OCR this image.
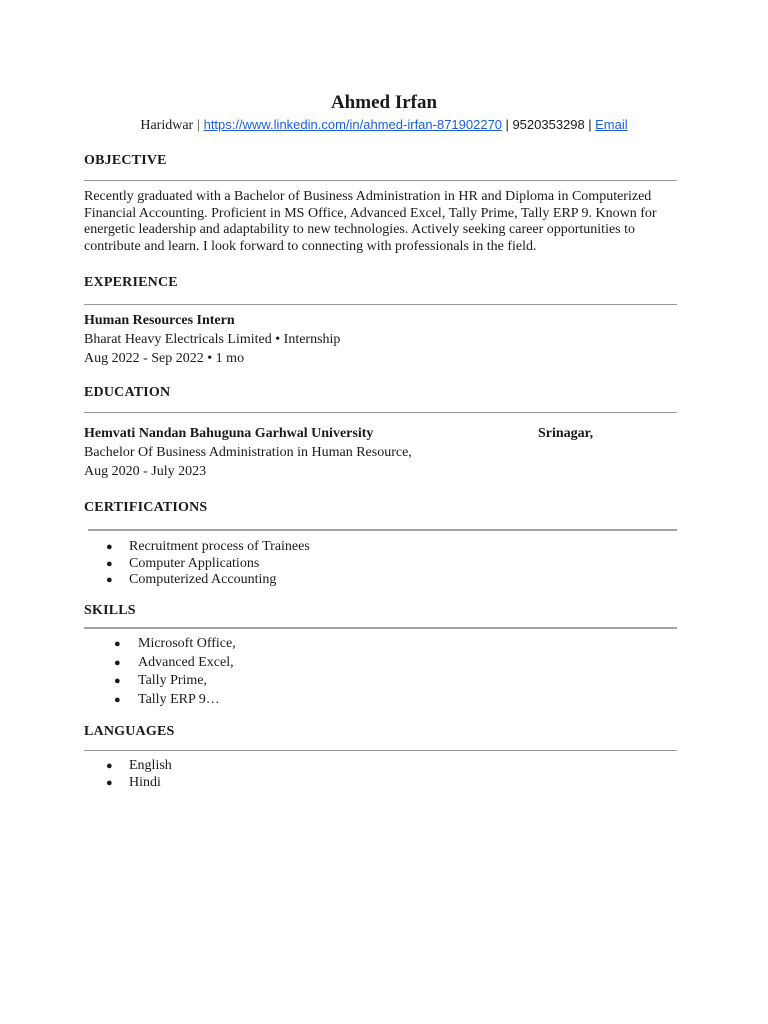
Ahmed Irfan
Haridwar | https://www.linkedin.com/in/ahmed-irfan-871902270 | 9520353298 | Email
OBJECTIVE
Recently graduated with a Bachelor of Business Administration in HR and Diploma in Computerized Financial Accounting. Proficient in MS Office, Advanced Excel, Tally Prime, Tally ERP 9. Known for energetic leadership and adaptability to new technologies. Actively seeking career opportunities to contribute and learn. I look forward to connecting with professionals in the field.
EXPERIENCE
Human Resources Intern
Bharat Heavy Electricals Limited • Internship
Aug 2022 - Sep 2022 • 1 mo
EDUCATION
Hemvati Nandan Bahuguna Garhwal University	Srinagar,
Bachelor Of Business Administration in Human Resource,
Aug 2020 - July 2023
CERTIFICATIONS
● Recruitment process of Trainees
● Computer Applications
● Computerized Accounting
SKILLS
● Microsoft Office,
● Advanced Excel,
● Tally Prime,
● Tally ERP 9…
LANGUAGES
● English
● Hindi
